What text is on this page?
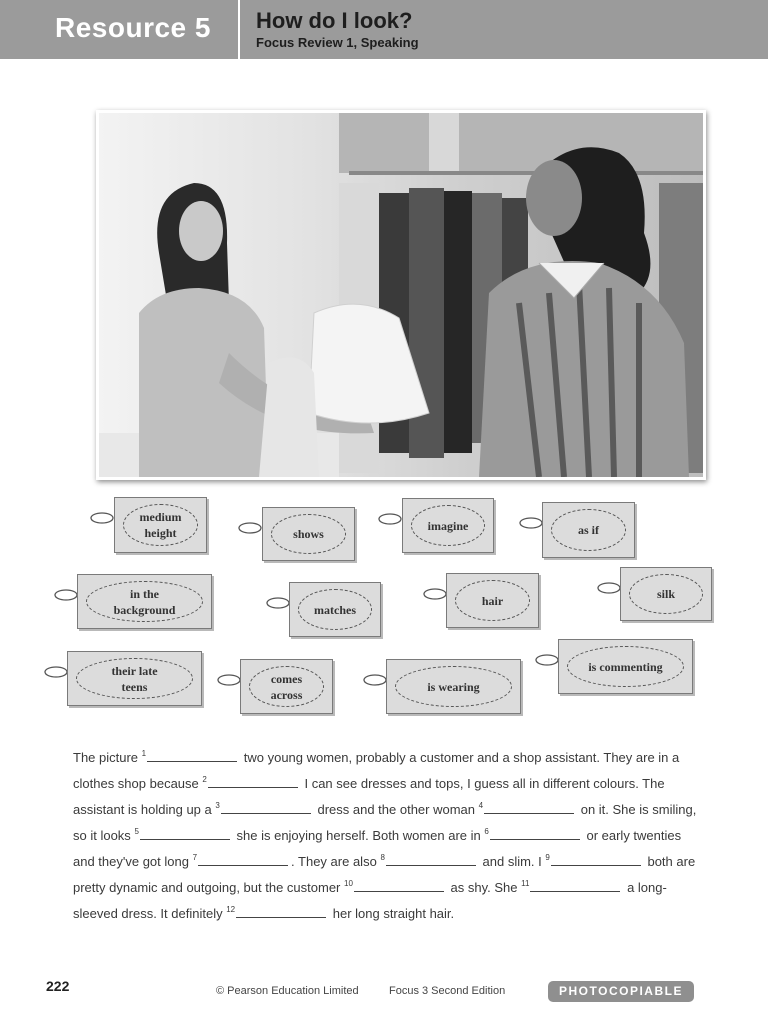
Resource 5 How do I look?
Focus Review 1, Speaking
medium
height	shows
imagine	as if
in the
background	matches
hair	silk
their late
teens
comes
across
is wearing
is commenting

The picture $^1$	two young women, probably a customer and a shop assistant. They are in a clothes shop because $^2$	I can see dresses and tops, I guess all in different colours. The assistant is holding up a $^3$	dress and the other woman $^4$	on it. She is smiling, so it looks $^5$	she is enjoying herself. Both women are in $^6$	or early twenties and they've got long $^7$	. They are also $^8$	and slim. I $^9$	both are pretty dynamic and outgoing, but the customer $^{10}$	as shy. She $^{11}$	a long-sleeved dress. It definitely $^{12}$	her long straight hair.

222	© Pearson Education Limited	Focus 3 Second Edition	PHOTOCOPIABLE
